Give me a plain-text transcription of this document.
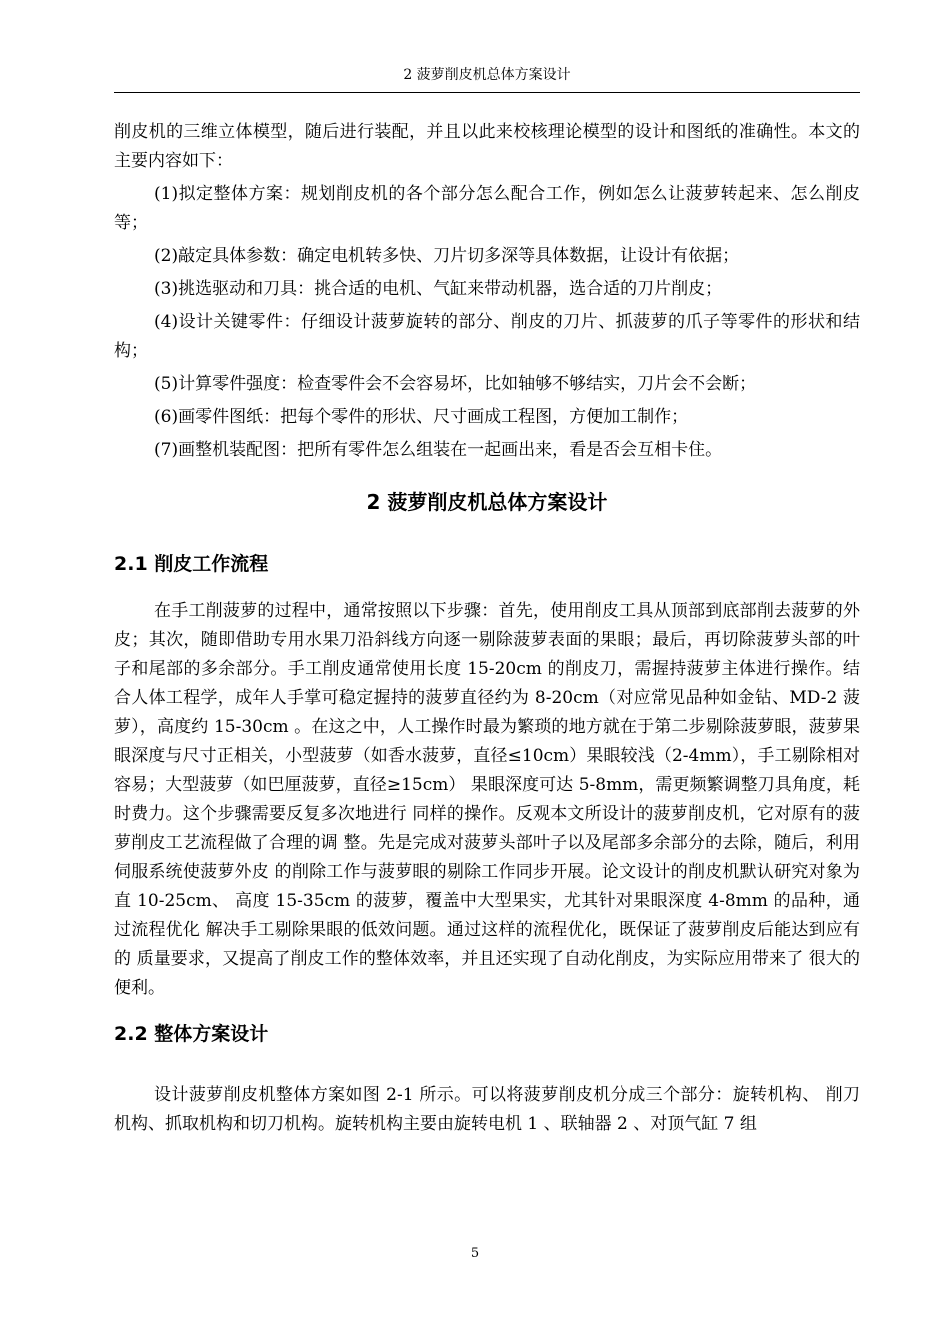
2 菠萝削皮机总体方案设计

削皮机的三维立体模型，随后进行装配，并且以此来校核理论模型的设计和图纸的准确性。本文的主要内容如下：

(1)拟定整体方案：规划削皮机的各个部分怎么配合工作，例如怎么让菠萝转起来、怎么削皮等；

(2)敲定具体参数：确定电机转多快、刀片切多深等具体数据，让设计有依据；

(3)挑选驱动和刀具：挑合适的电机、气缸来带动机器，选合适的刀片削皮；

(4)设计关键零件：仔细设计菠萝旋转的部分、削皮的刀片、抓菠萝的爪子等零件的形状和结构；

(5)计算零件强度：检查零件会不会容易坏，比如轴够不够结实，刀片会不会断；

(6)画零件图纸：把每个零件的形状、尺寸画成工程图，方便加工制作；

(7)画整机装配图：把所有零件怎么组装在一起画出来，看是否会互相卡住。

2 菠萝削皮机总体方案设计
2.1 削皮工作流程

在手工削菠萝的过程中，通常按照以下步骤：首先，使用削皮工具从顶部到底部削去菠萝的外皮；其次，随即借助专用水果刀沿斜线方向逐一剔除菠萝表面的果眼；最后，再切除菠萝头部的叶子和尾部的多余部分。手工削皮通常使用长度 15-20cm 的削皮刀，需握持菠萝主体进行操作。结合人体工程学，成年人手掌可稳定握持的菠萝直径约为 8-20cm（对应常见品种如金钻、MD-2 菠萝），高度约 15-30cm 。在这之中，人工操作时最为繁琐的地方就在于第二步剔除菠萝眼，菠萝果眼深度与尺寸正相关，小型菠萝（如香水菠萝，直径≤10cm）果眼较浅（2-4mm），手工剔除相对容易；大型菠萝（如巴厘菠萝，直径≥15cm） 果眼深度可达 5-8mm，需更频繁调整刀具角度，耗时费力。这个步骤需要反复多次地进行 同样的操作。反观本文所设计的菠萝削皮机，它对原有的菠萝削皮工艺流程做了合理的调 整。先是完成对菠萝头部叶子以及尾部多余部分的去除，随后，利用伺服系统使菠萝外皮 的削除工作与菠萝眼的剔除工作同步开展。论文设计的削皮机默认研究对象为直 10-25cm、 高度 15-35cm 的菠萝，覆盖中大型果实，尤其针对果眼深度 4-8mm 的品种，通过流程优化 解决手工剔除果眼的低效问题。通过这样的流程优化，既保证了菠萝削皮后能达到应有的 质量要求，又提高了削皮工作的整体效率，并且还实现了自动化削皮，为实际应用带来了 很大的便利。

2.2 整体方案设计

设计菠萝削皮机整体方案如图 2-1 所示。可以将菠萝削皮机分成三个部分：旋转机构、 削刀机构、抓取机构和切刀机构。旋转机构主要由旋转电机 1 、联轴器 2 、对顶气缸 7 组

5
